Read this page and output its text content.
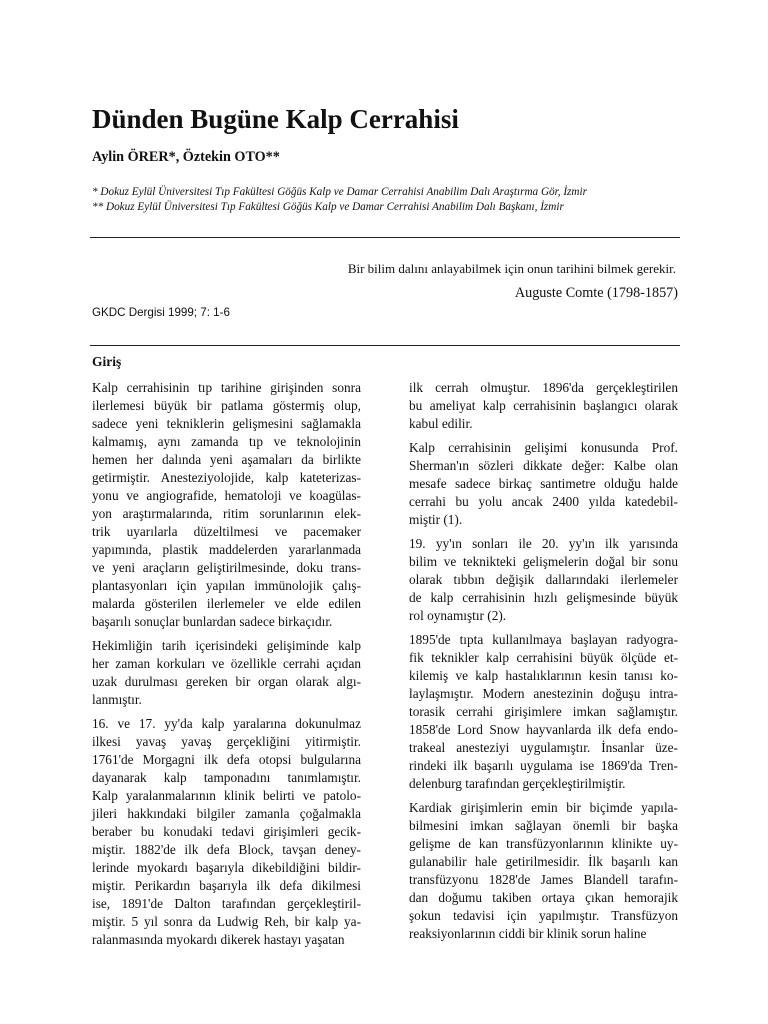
Dünden Bugüne Kalp Cerrahisi
Aylin ÖRER*, Öztekin OTO**
* Dokuz Eylül Üniversitesi Tıp Fakültesi Göğüs Kalp ve Damar Cerrahisi Anabilim Dalı Araştırma Gör, İzmir
** Dokuz Eylül Üniversitesi Tıp Fakültesi Göğüs Kalp ve Damar Cerrahisi Anabilim Dalı Başkanı, İzmir
Bir bilim dalını anlayabilmek için onun tarihini bilmek gerekir.
Auguste Comte (1798-1857)
GKDC Dergisi 1999; 7: 1-6
Giriş
Kalp cerrahisinin tıp tarihine girişinden sonra
ilerlemesi büyük bir patlama göstermiş olup,
sadece yeni tekniklerin gelişmesini sağlamakla
kalmamış, aynı zamanda tıp ve teknolojinin
hemen her dalında yeni aşamaları da birlikte
getirmiştir. Anesteziyolojide, kalp kateterizas-
yonu ve angiografide, hematoloji ve koagülas-
yon araştırmalarında, ritim sorunlarının elek-
trik uyarılarla düzeltilmesi ve pacemaker
yapımında, plastik maddelerden yararlanmada
ve yeni araçların geliştirilmesinde, doku trans-
plantasyonları için yapılan immünolojik çalış-
malarda gösterilen ilerlemeler ve elde edilen
başarılı sonuçlar bunlardan sadece birkaçıdır.
Hekimliğin tarih içerisindeki gelişiminde kalp
her zaman korkuları ve özellikle cerrahi açıdan
uzak durulması gereken bir organ olarak algı-
lanmıştır.
16. ve 17. yy'da kalp yaralarına dokunulmaz
ilkesi yavaş yavaş gerçekliğini yitirmiştir.
1761'de Morgagni ilk defa otopsi bulgularına
dayanarak kalp tamponadını tanımlamıştır.
Kalp yaralanmalarının klinik belirti ve patolo-
jileri hakkındaki bilgiler zamanla çoğalmakla
beraber bu konudaki tedavi girişimleri gecik-
miştir. 1882'de ilk defa Block, tavşan deney-
lerinde myokardı başarıyla dikebildiğini bildir-
miştir. Perikardın başarıyla ilk defa dikilmesi
ise, 1891'de Dalton tarafından gerçekleştiril-
miştir. 5 yıl sonra da Ludwig Reh, bir kalp ya-
ralanmasında myokardı dikerek hastayı yaşatan
ilk cerrah olmuştur. 1896'da gerçekleştirilen
bu ameliyat kalp cerrahisinin başlangıcı olarak
kabul edilir.
Kalp cerrahisinin gelişimi konusunda Prof.
Sherman'ın sözleri dikkate değer: Kalbe olan
mesafe sadece birkaç santimetre olduğu halde
cerrahi bu yolu ancak 2400 yılda katedebil-
miştir (1).
19. yy'ın sonları ile 20. yy'ın ilk yarısında
bilim ve teknikteki gelişmelerin doğal bir sonu
olarak tıbbın değişik dallarındaki ilerlemeler
de kalp cerrahisinin hızlı gelişmesinde büyük
rol oynamıştır (2).
1895'de tıpta kullanılmaya başlayan radyogra-
fik teknikler kalp cerrahisini büyük ölçüde et-
kilemiş ve kalp hastalıklarının kesin tanısı ko-
laylaşmıştır. Modern anestezinin doğuşu intra-
torasik cerrahi girişimlere imkan sağlamıştır.
1858'de Lord Snow hayvanlarda ilk defa endo-
trakeal anesteziyi uygulamıştır. İnsanlar üze-
rindeki ilk başarılı uygulama ise 1869'da Tren-
delenburg tarafından gerçekleştirilmiştir.
Kardiak girişimlerin emin bir biçimde yapıla-
bilmesini imkan sağlayan önemli bir başka
gelişme de kan transfüzyonlarının klinikte uy-
gulanabilir hale getirilmesidir. İlk başarılı kan
transfüzyonu 1828'de James Blandell tarafın-
dan doğumu takiben ortaya çıkan hemorajik
şokun tedavisi için yapılmıştır. Transfüzyon
reaksiyonlarının ciddi bir klinik sorun haline
